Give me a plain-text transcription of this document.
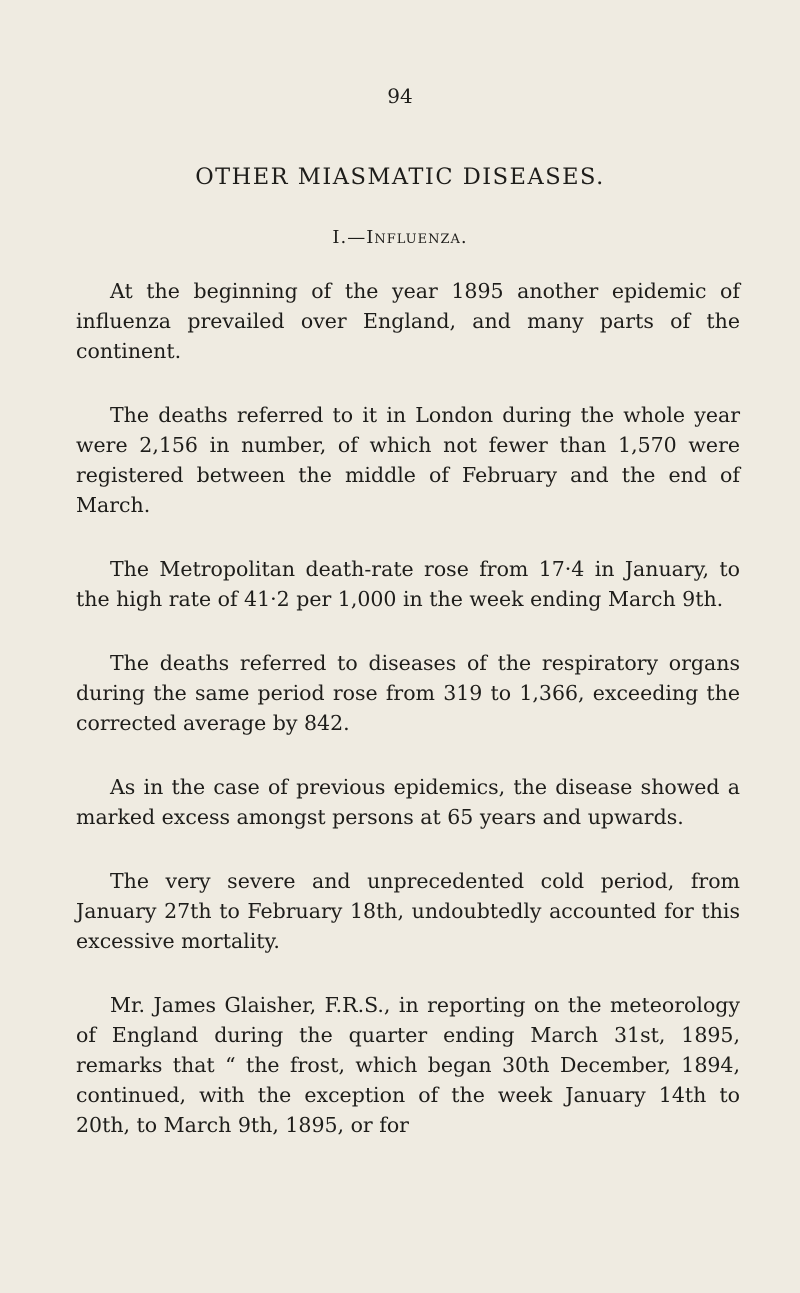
94
OTHER MIASMATIC DISEASES.
I.—Influenza.

At the beginning of the year 1895 another epidemic of influenza prevailed over England, and many parts of the continent.

The deaths referred to it in London during the whole year were 2,156 in number, of which not fewer than 1,570 were registered between the middle of February and the end of March.

The Metropolitan death-rate rose from 17·4 in January, to the high rate of 41·2 per 1,000 in the week ending March 9th.

The deaths referred to diseases of the respiratory organs during the same period rose from 319 to 1,366, exceeding the corrected average by 842.

As in the case of previous epidemics, the disease showed a marked excess amongst persons at 65 years and upwards.

The very severe and unprecedented cold period, from January 27th to February 18th, undoubtedly accounted for this excessive mortality.

Mr. James Glaisher, F.R.S., in reporting on the meteorology of England during the quarter ending March 31st, 1895, remarks that “ the frost, which began 30th December, 1894, continued, with the exception of the week January 14th to 20th, to March 9th, 1895, or for
